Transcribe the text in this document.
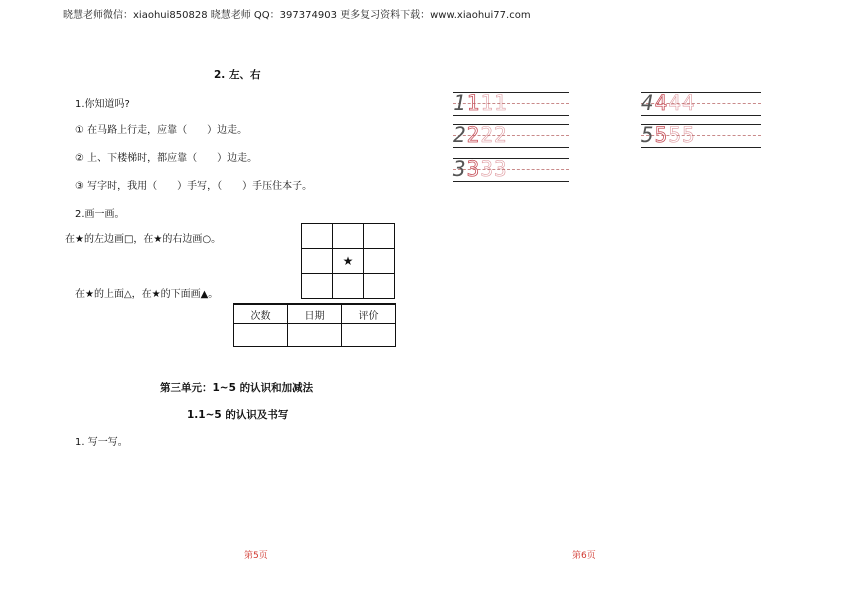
晓慧老师微信：xiaohui850828 晓慧老师 QQ：397374903 更多复习资料下载：www.xiaohui77.com
2. 左、右
1.你知道吗?
① 在马路上行走，应靠（　　）边走。
② 上、下楼梯时，都应靠（　　）边走。
③ 写字时，我用（　　）手写，（　　）手压住本子。
2.画一画。
在★的左边画□，在★的右边画○。
在★的上面△，在★的下面画▲。

	★	

次数	日期	评价

第三单元：1~5 的认识和加减法
1.1~5 的认识及书写
1. 写一写。
第5页
1111
2222
3333
4444
5555
第6页
